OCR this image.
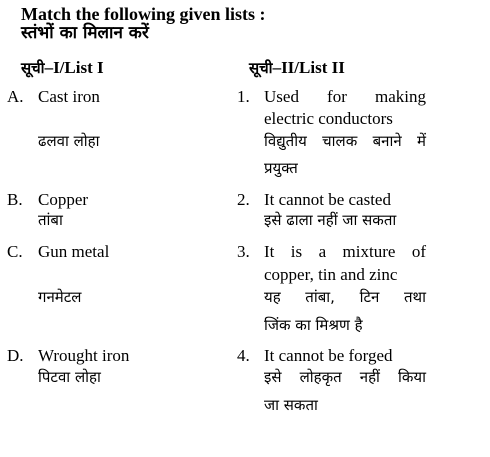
Match the following given lists :
स्तंभों का मिलान करें
सूची–I/List I
A. Cast iron
ढलवा लोहा
B. Copper
तांबा
C. Gun metal
गनमेटल
D. Wrought iron
पिटवा लोहा
सूची–II/List II
1. Used for making
electric conductors
विद्युतीय चालक बनाने में
प्रयुक्त
2. It cannot be casted
इसे ढाला नहीं जा सकता
3. It is a mixture of
copper, tin and zinc
यह तांबा, टिन तथा
जिंक का मिश्रण है
4. It cannot be forged
इसे लोहकृत नहीं किया
जा सकता
